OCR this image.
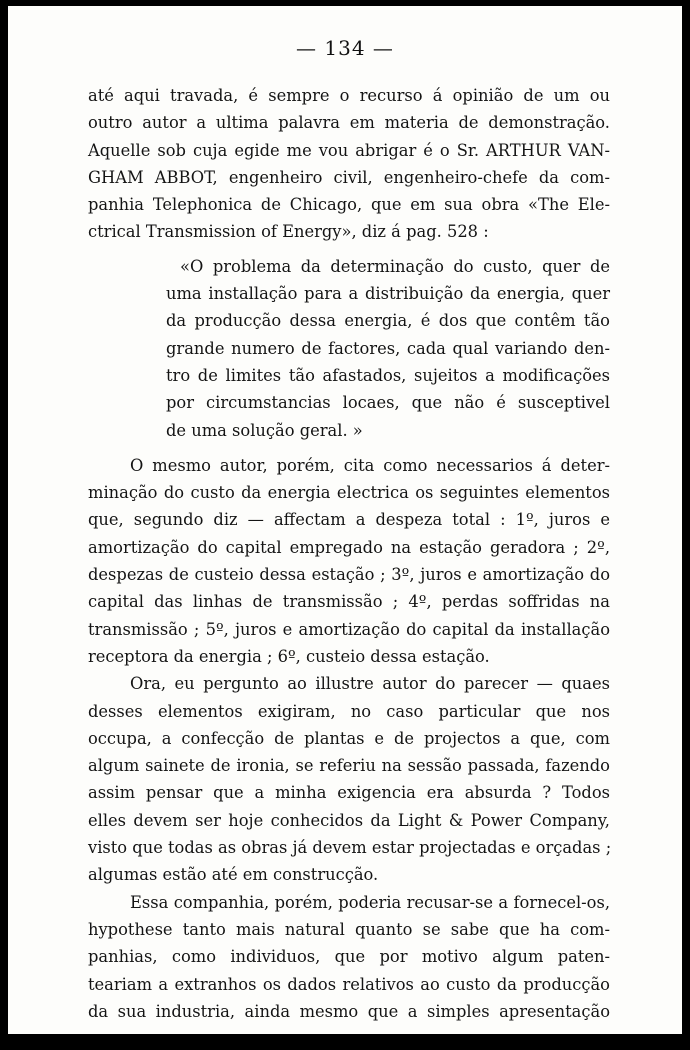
— 134 —
até aqui travada, é sempre o recurso á opinião de um ou
outro autor a ultima palavra em materia de demonstração.
Aquelle sob cuja egide me vou abrigar é o Sr. ARTHUR VAN-
GHAM ABBOT, engenheiro civil, engenheiro-chefe da com-
panhia Telephonica de Chicago, que em sua obra «The Ele-
ctrical Transmission of Energy», diz á pag. 528 :
«O problema da determinação do custo, quer de
uma installação para a distribuição da energia, quer
da producção dessa energia, é dos que contêm tão
grande numero de factores, cada qual variando den-
tro de limites tão afastados, sujeitos a modificações
por circumstancias locaes, que não é susceptivel
de uma solução geral. »
O mesmo autor, porém, cita como necessarios á deter-
minação do custo da energia electrica os seguintes elementos
que, segundo diz — affectam a despeza total : 1º, juros e
amortização do capital empregado na estação geradora ; 2º,
despezas de custeio dessa estação ; 3º, juros e amortização do
capital das linhas de transmissão ; 4º, perdas soffridas na
transmissão ; 5º, juros e amortização do capital da installação
receptora da energia ; 6º, custeio dessa estação.
Ora, eu pergunto ao illustre autor do parecer — quaes
desses elementos exigiram, no caso particular que nos
occupa, a confecção de plantas e de projectos a que, com
algum sainete de ironia, se referiu na sessão passada, fazendo
assim pensar que a minha exigencia era absurda ? Todos
elles devem ser hoje conhecidos da Light & Power Company,
visto que todas as obras já devem estar projectadas e orçadas ;
algumas estão até em construcção.
Essa companhia, porém, poderia recusar-se a fornecel-os,
hypothese tanto mais natural quanto se sabe que ha com-
panhias, como individuos, que por motivo algum paten-
teariam a extranhos os dados relativos ao custo da producção
da sua industria, ainda mesmo que a simples apresentação
